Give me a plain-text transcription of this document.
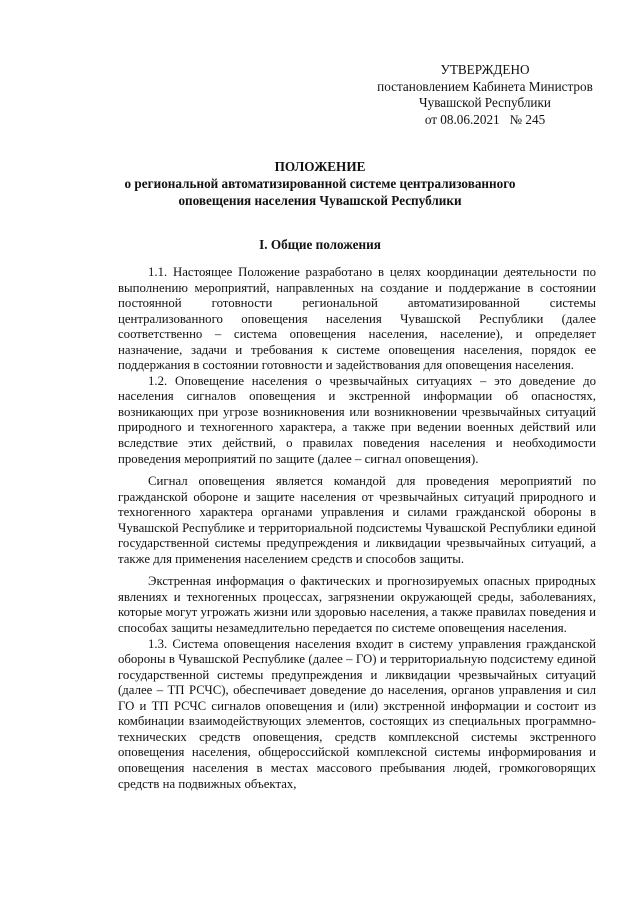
УТВЕРЖДЕНО
постановлением Кабинета Министров
Чувашской Республики
от 08.06.2021   № 245
ПОЛОЖЕНИЕ
о региональной автоматизированной системе централизованного
оповещения населения Чувашской Республики
I. Общие положения

1.1. Настоящее Положение разработано в целях координации деятельности по выполнению мероприятий, направленных на создание и поддержание в состоянии постоянной готовности региональной автоматизированной системы централизованного оповещения населения Чувашской Республики (далее соответственно – система оповещения населения, население), и определяет назначение, задачи и требования к системе оповещения населения, порядок ее поддержания в состоянии готовности и задействования для оповещения населения.

1.2. Оповещение населения о чрезвычайных ситуациях – это доведение до населения сигналов оповещения и экстренной информации об опасностях, возникающих при угрозе возникновения или возникновении чрезвычайных ситуаций природного и техногенного характера, а также при ведении военных действий или вследствие этих действий, о правилах поведения населения и необходимости проведения мероприятий по защите (далее – сигнал оповещения).

Сигнал оповещения является командой для проведения мероприятий по гражданской обороне и защите населения от чрезвычайных ситуаций природного и техногенного характера органами управления и силами гражданской обороны в Чувашской Республике и территориальной подсистемы Чувашской Республики единой государственной системы предупреждения и ликвидации чрезвычайных ситуаций, а также для применения населением средств и способов защиты.

Экстренная информация о фактических и прогнозируемых опасных природных явлениях и техногенных процессах, загрязнении окружающей среды, заболеваниях, которые могут угрожать жизни или здоровью населения, а также правилах поведения и способах защиты незамедлительно передается по системе оповещения населения.

1.3. Система оповещения населения входит в систему управления гражданской обороны в Чувашской Республике (далее – ГО) и территориальную подсистему единой государственной системы предупреждения и ликвидации чрезвычайных ситуаций (далее – ТП РСЧС), обеспечивает доведение до населения, органов управления и сил ГО и ТП РСЧС сигналов оповещения и (или) экстренной информации и состоит из комбинации взаимодействующих элементов, состоящих из специальных программно-технических средств оповещения, средств комплексной системы экстренного оповещения населения, общероссийской комплексной системы информирования и оповещения населения в местах массового пребывания людей, громкоговорящих средств на подвижных объектах,
